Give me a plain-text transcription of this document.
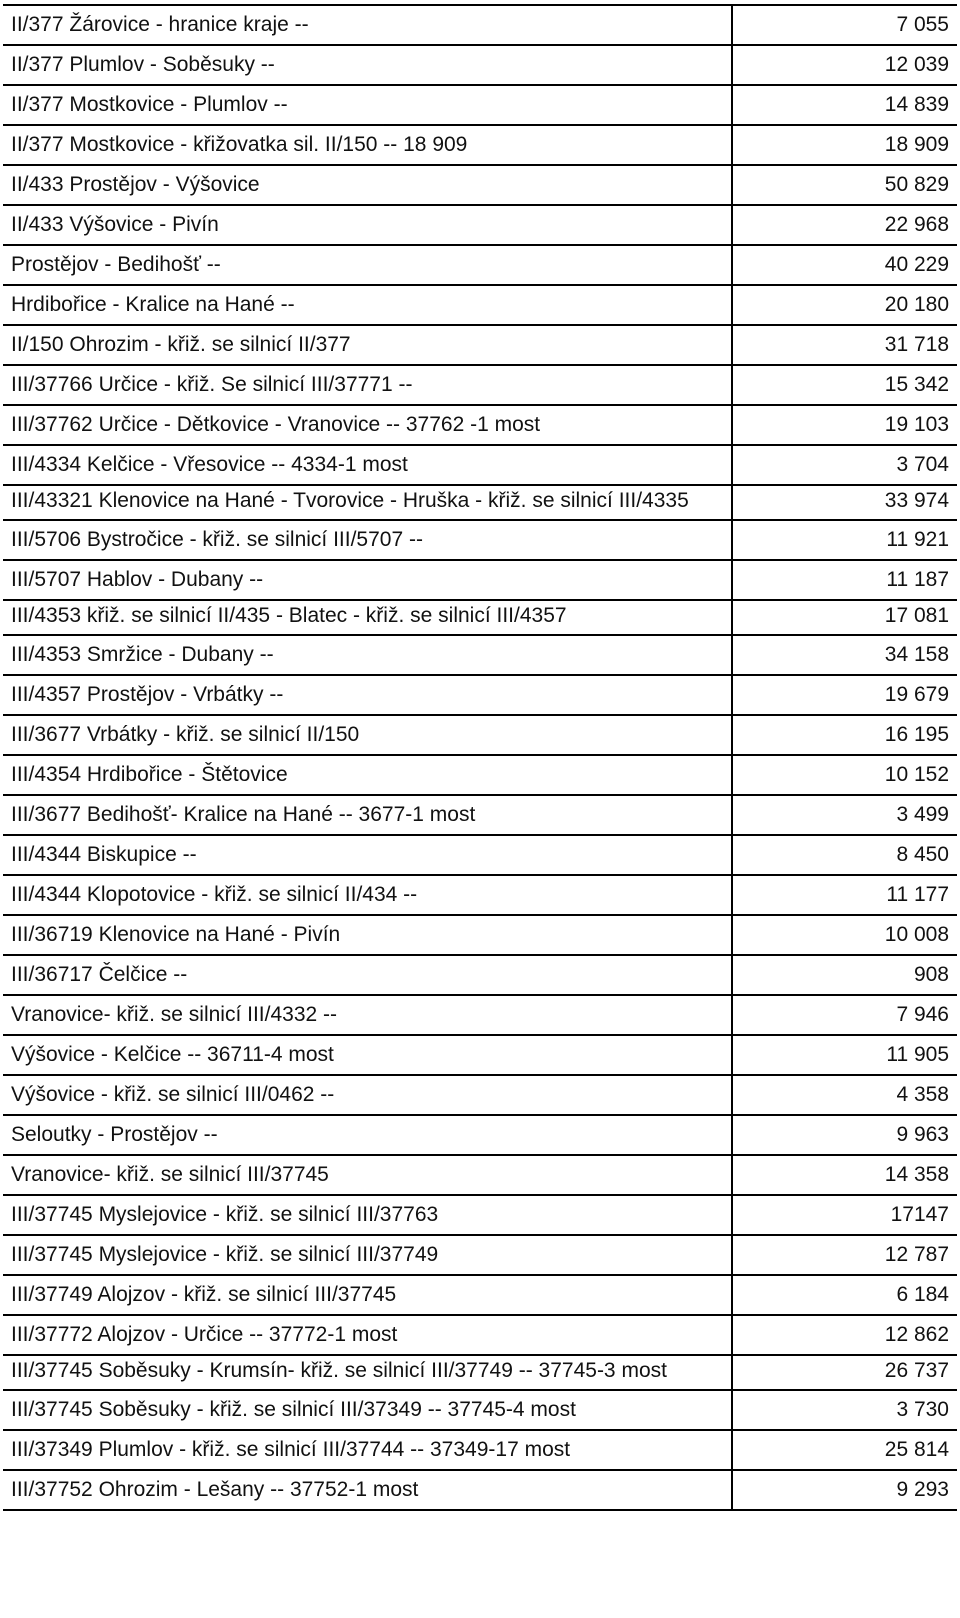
II/377 Žárovice - hranice kraje --	7 055
II/377 Plumlov - Soběsuky --	12 039
II/377 Mostkovice - Plumlov --	14 839
II/377 Mostkovice - křižovatka sil. II/150 -- 18 909	18 909
II/433 Prostějov - Výšovice	50 829
II/433 Výšovice - Pivín	22 968
Prostějov - Bedihošť --	40 229
Hrdibořice - Kralice na Hané --	20 180
II/150 Ohrozim - křiž. se silnicí II/377	31 718
III/37766 Určice - křiž. Se silnicí III/37771 --	15 342
III/37762 Určice - Dětkovice - Vranovice -- 37762 -1 most	19 103
III/4334 Kelčice - Vřesovice -- 4334-1 most	3 704
III/43321 Klenovice na Hané - Tvorovice - Hruška - křiž. se silnicí III/4335	33 974
III/5706 Bystročice - křiž. se silnicí III/5707 --	11 921
III/5707 Hablov - Dubany --	11 187
III/4353 křiž. se silnicí II/435 - Blatec - křiž. se silnicí III/4357	17 081
III/4353 Smržice - Dubany --	34 158
III/4357 Prostějov - Vrbátky --	19 679
III/3677 Vrbátky - křiž. se silnicí II/150	16 195
III/4354 Hrdibořice - Štětovice	10 152
III/3677 Bedihošť- Kralice na Hané -- 3677-1 most	3 499
III/4344 Biskupice --	8 450
III/4344 Klopotovice - křiž. se silnicí II/434 --	11 177
III/36719 Klenovice na Hané - Pivín	10 008
III/36717 Čelčice --	908
Vranovice- křiž. se silnicí III/4332 --	7 946
Výšovice - Kelčice -- 36711-4 most	11 905
Výšovice - křiž. se silnicí III/0462 --	4 358
Seloutky - Prostějov --	9 963
Vranovice- křiž. se silnicí III/37745	14 358
III/37745 Myslejovice - křiž. se silnicí III/37763	17147
III/37745 Myslejovice - křiž. se silnicí III/37749	12 787
III/37749 Alojzov - křiž. se silnicí III/37745	6 184
III/37772 Alojzov - Určice -- 37772-1 most	12 862
III/37745 Soběsuky - Krumsín- křiž. se silnicí III/37749 -- 37745-3 most	26 737
III/37745 Soběsuky - křiž. se silnicí III/37349 -- 37745-4 most	3 730
III/37349 Plumlov - křiž. se silnicí III/37744 -- 37349-17 most	25 814
III/37752 Ohrozim - Lešany -- 37752-1 most	9 293
